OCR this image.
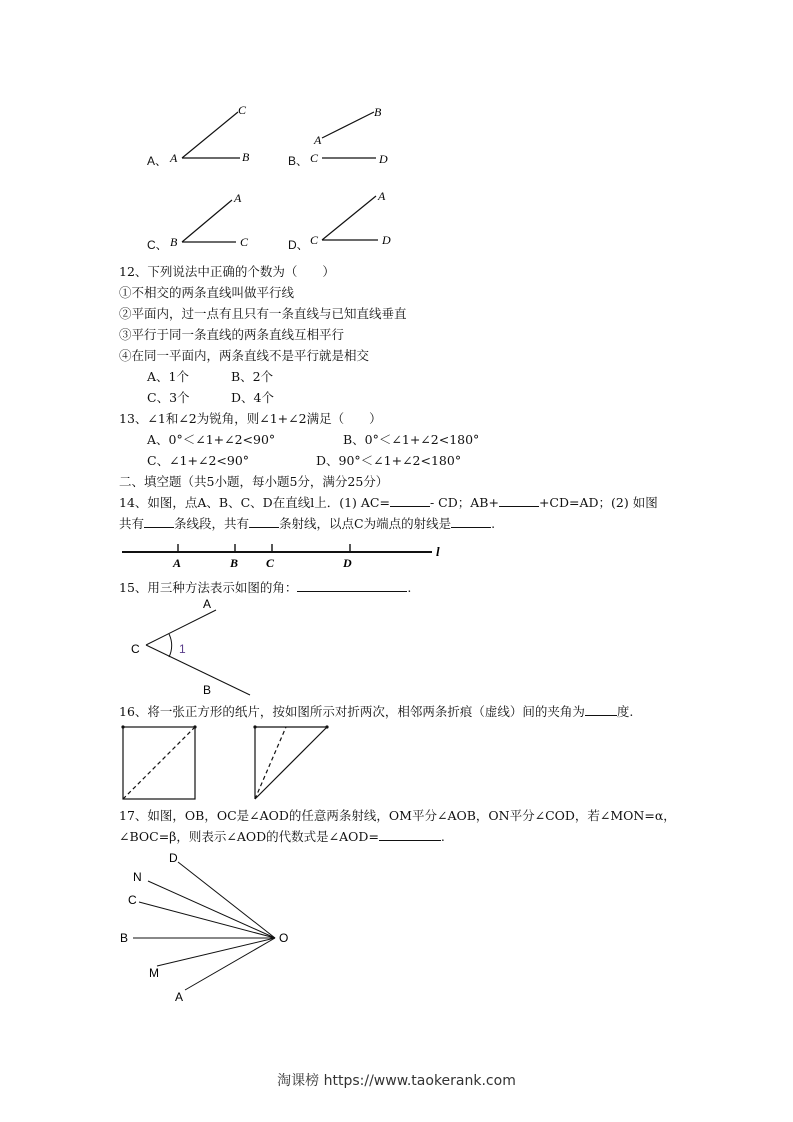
A、
C
A	B	B、
B
A
C	D
C、
A
B	C	D、
A
C	D
12、下列说法中正确的个数为（　　）
①不相交的两条直线叫做平行线
②平面内，过一点有且只有一条直线与已知直线垂直
③平行于同一条直线的两条直线互相平行
④在同一平面内，两条直线不是平行就是相交
A、1个	B、2个
C、3个	D、4个
13、∠1和∠2为锐角，则∠1+∠2满足（　　）
A、0°＜∠1+∠2<90°	B、0°＜∠1+∠2<180°
C、∠1+∠2<90°	D、90°＜∠1+∠2<180°
二、填空题（共5小题，每小题5分，满分25分）
14、如图，点A、B、C、D在直线l上．(1) AC=	- CD；AB+	+CD=AD；(2) 如图
共有 条线段，共有 条射线，以点C为端点的射线是	.
A	B C	D
l
15、用三种方法表示如图的角：	.
A
C	1
B
16、将一张正方形的纸片，按如图所示对折两次，相邻两条折痕（虚线）间的夹角为	度.
17、如图，OB，OC是∠AOD的任意两条射线，OM平分∠AOB，ON平分∠COD，若∠MON=α，
∠BOC=β，则表示∠AOD的代数式是∠AOD=	.
D
N
C
B	O
M
A
淘课榜 https://www.taokerank.com
